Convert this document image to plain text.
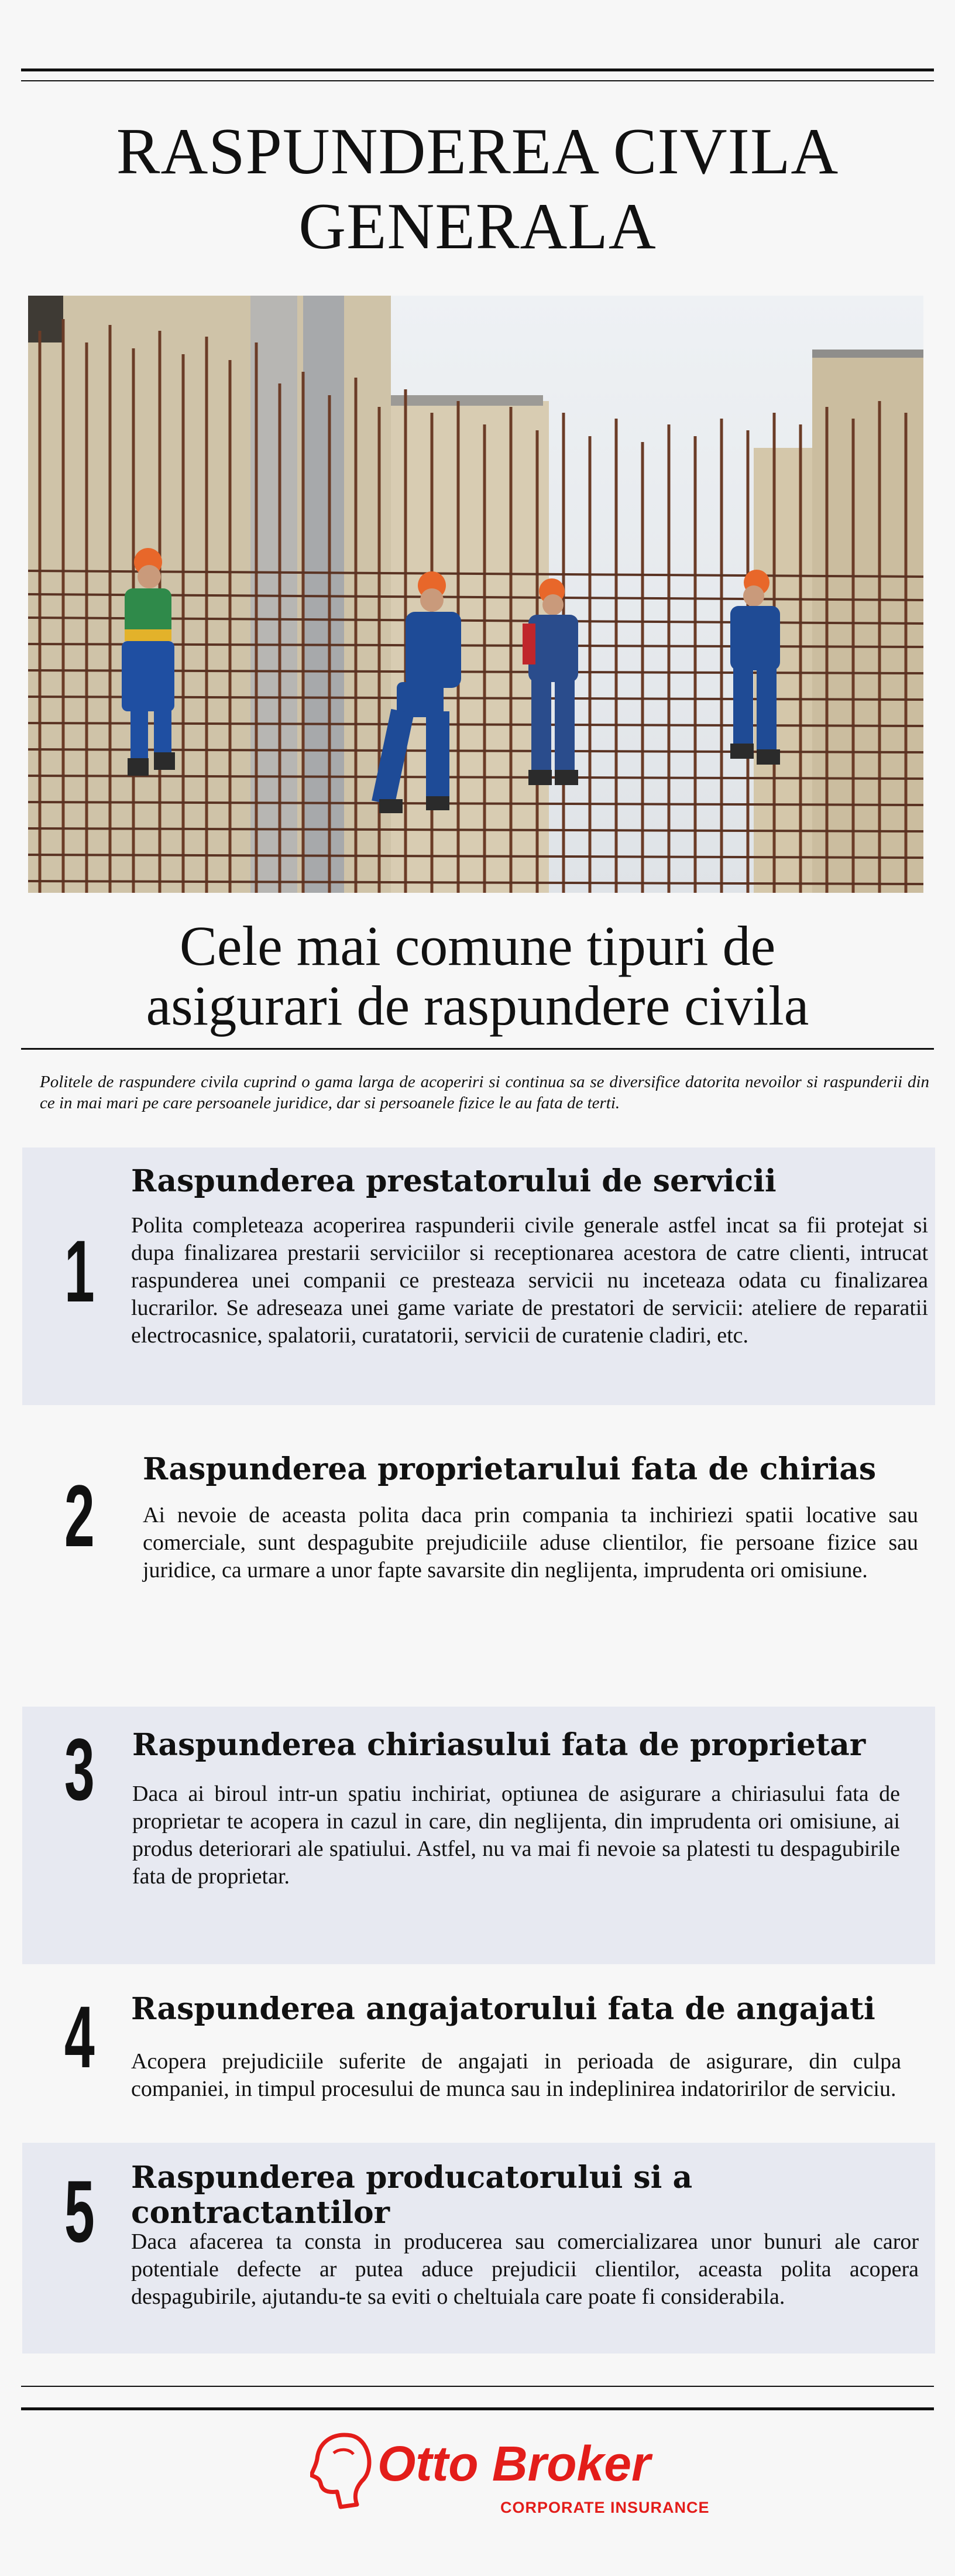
RASPUNDEREA CIVILA
GENERALA
Cele mai comune tipuri de
asigurari de raspundere civila
Politele de raspundere civila cuprind o gama larga de acoperiri si continua sa se diversifice datorita nevoilor si raspunderii din ce in mai mari pe care persoanele juridice, dar si persoanele fizice le au fata de terti.
1
Raspunderea prestatorului de servicii
Polita completeaza acoperirea raspunderii civile generale astfel incat sa fii protejat si dupa finalizarea prestarii serviciilor si receptionarea acestora de catre clienti, intrucat raspunderea unei companii ce presteaza servicii nu inceteaza odata cu finalizarea lucrarilor. Se adreseaza unei game variate de prestatori de servicii: ateliere de reparatii electrocasnice, spalatorii, curatatorii, servicii de curatenie cladiri, etc.
2 Raspunderea proprietarului fata de chirias
Ai nevoie de aceasta polita daca prin compania ta inchiriezi spatii locative sau comerciale, sunt despagubite prejudiciile aduse clientilor, fie persoane fizice sau juridice, ca urmare a unor fapte savarsite din neglijenta, imprudenta ori omisiune.
3 Raspunderea chiriasului fata de proprietar
Daca ai biroul intr-un spatiu inchiriat, optiunea de asigurare a chiriasului fata de proprietar te acopera in cazul in care, din neglijenta, din imprudenta ori omisiune, ai produs deteriorari ale spatiului. Astfel, nu va mai fi nevoie sa platesti tu despagubirile fata de proprietar.
4 Raspunderea angajatorului fata de angajati
Acopera prejudiciile suferite de angajati in perioada de asigurare, din culpa companiei, in timpul procesului de munca sau in indeplinirea indatoririlor de serviciu.
5 Raspunderea producatorului si a contractantilor
Daca afacerea ta consta in producerea sau comercializarea unor bunuri ale caror potentiale defecte ar putea aduce prejudicii clientilor, aceasta polita acopera despagubirile, ajutandu-te sa eviti o cheltuiala care poate fi considerabila.
Otto Broker
CORPORATE INSURANCE
